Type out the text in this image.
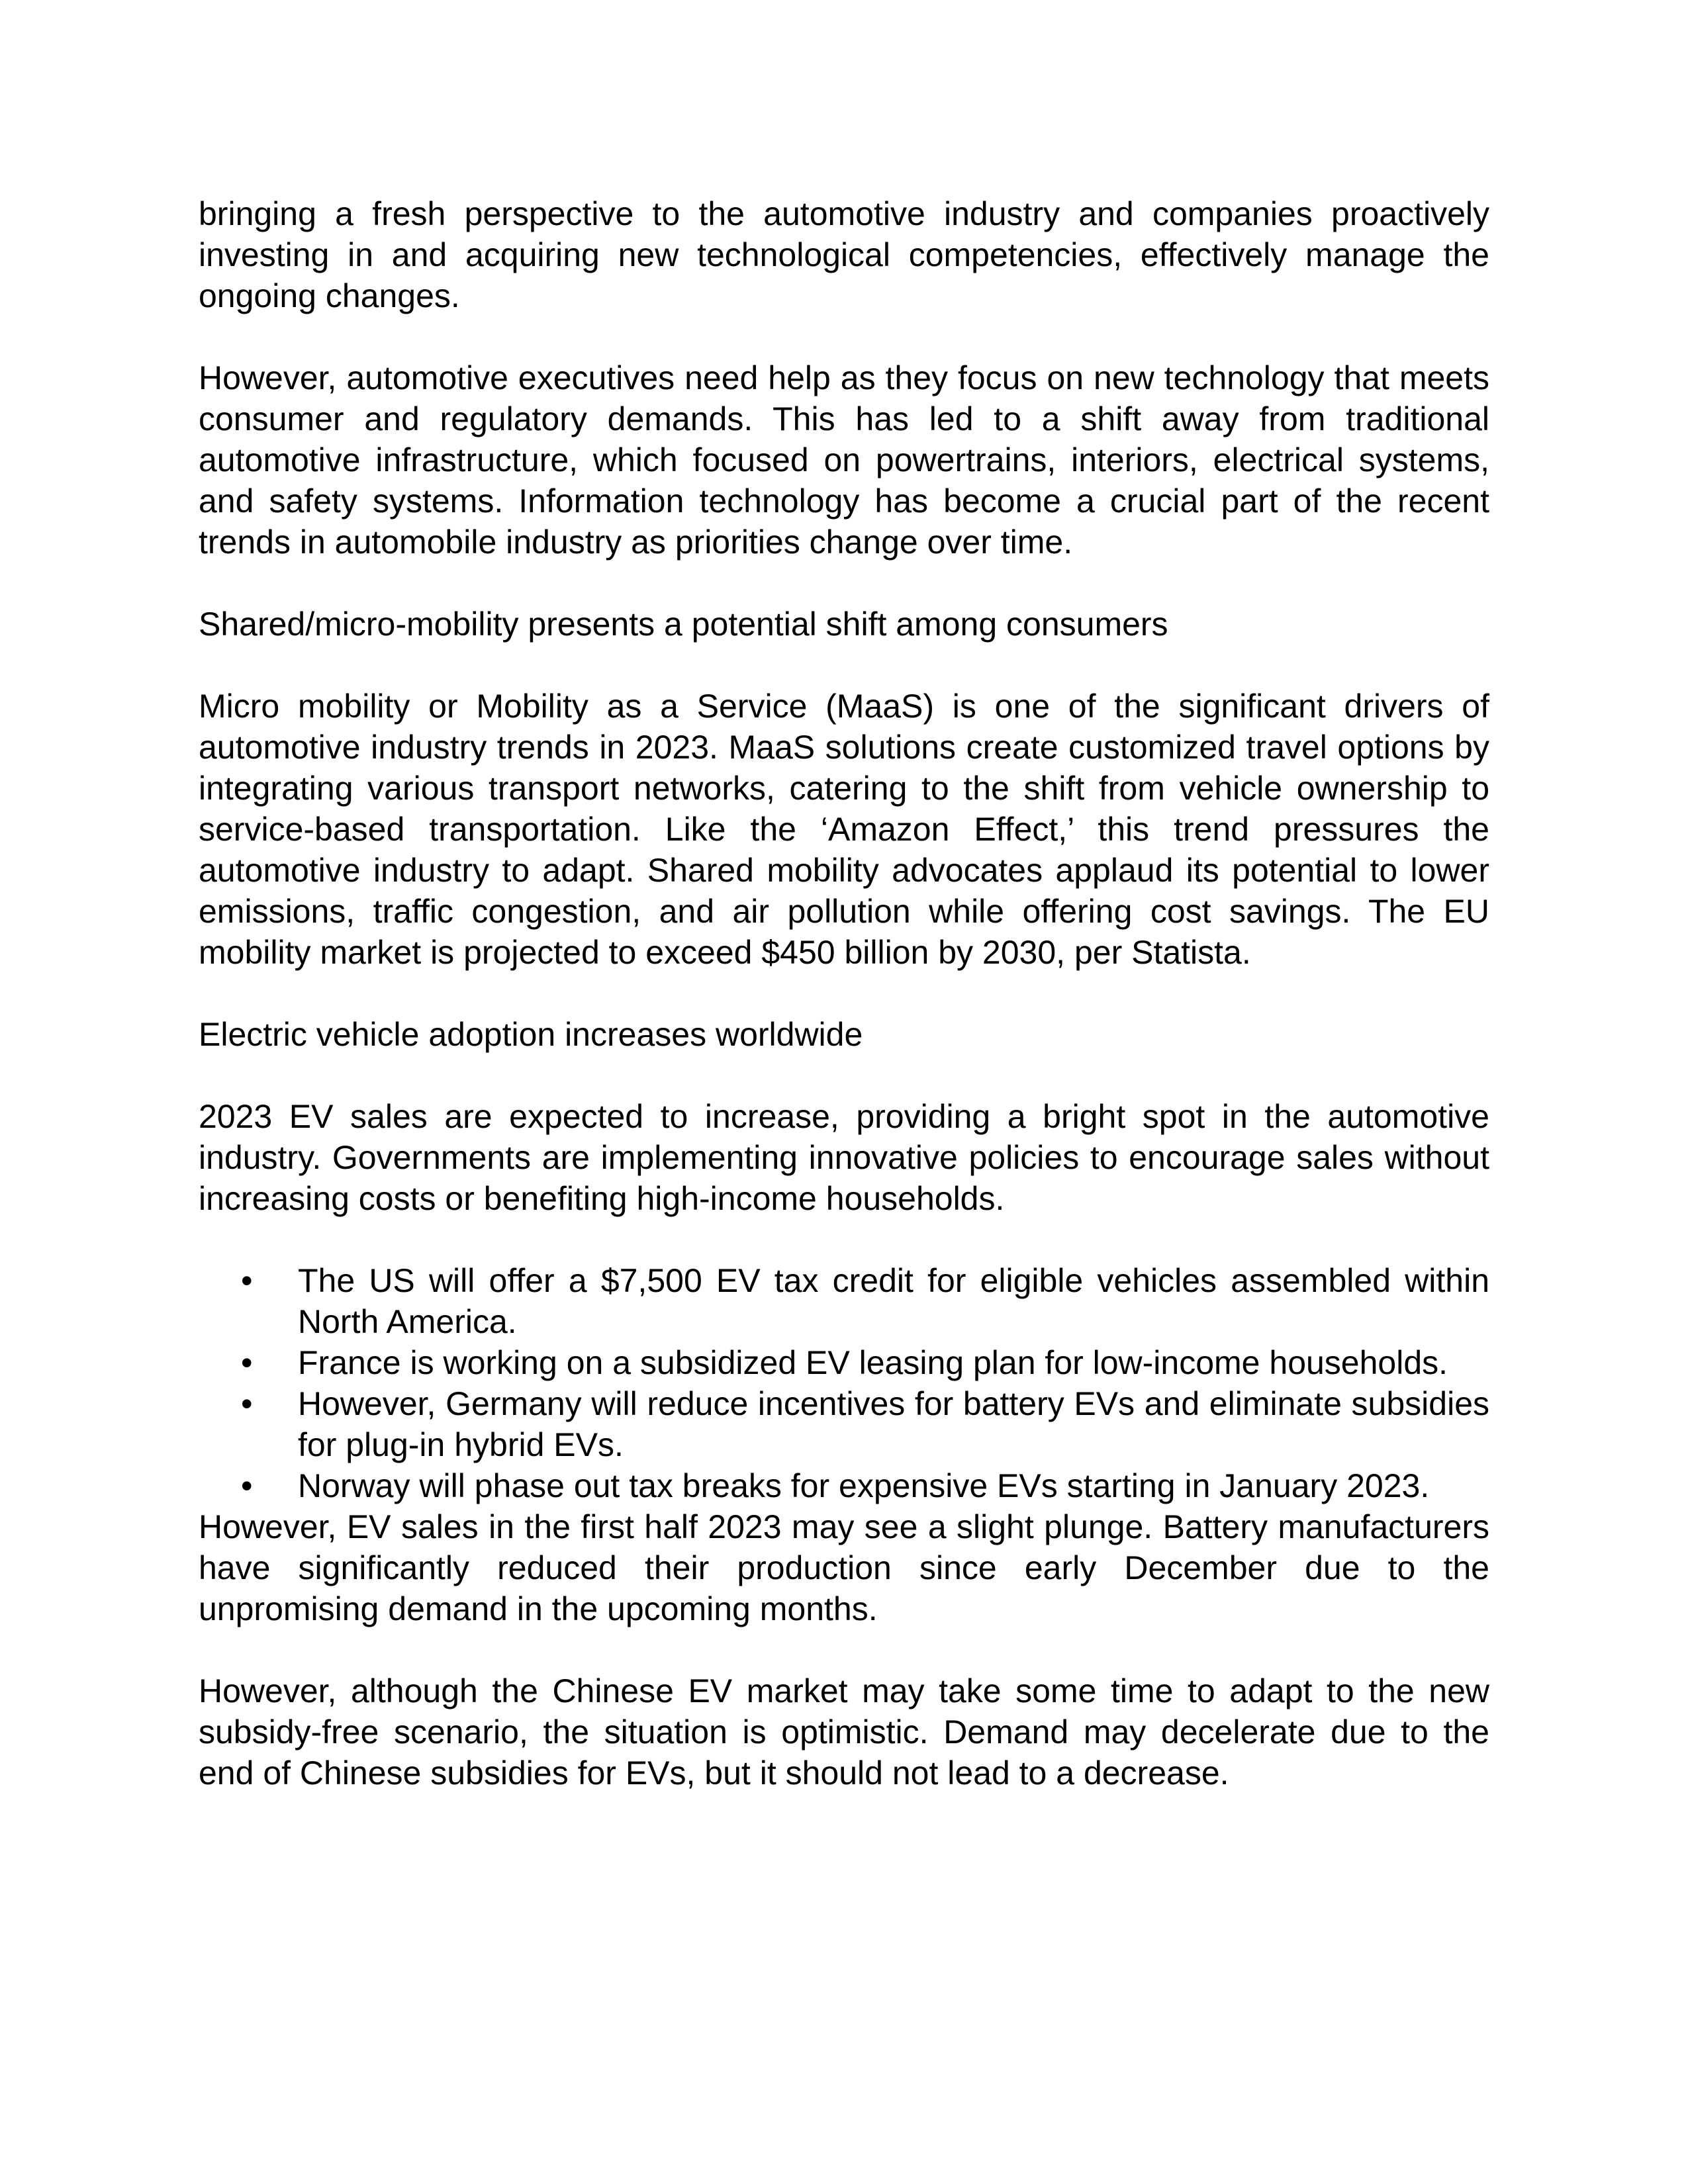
bringing a fresh perspective to the automotive industry and companies proactively investing in and acquiring new technological competencies, effectively manage the ongoing changes.

However, automotive executives need help as they focus on new technology that meets consumer and regulatory demands. This has led to a shift away from traditional automotive infrastructure, which focused on powertrains, interiors, electrical systems, and safety systems. Information technology has become a crucial part of the recent trends in automobile industry as priorities change over time.

Shared/micro-mobility presents a potential shift among consumers

Micro mobility or Mobility as a Service (MaaS) is one of the significant drivers of automotive industry trends in 2023. MaaS solutions create customized travel options by integrating various transport networks, catering to the shift from vehicle ownership to service-based transportation. Like the ‘Amazon Effect,’ this trend pressures the automotive industry to adapt. Shared mobility advocates applaud its potential to lower emissions, traffic congestion, and air pollution while offering cost savings. The EU mobility market is projected to exceed $450 billion by 2030, per Statista.

Electric vehicle adoption increases worldwide

2023 EV sales are expected to increase, providing a bright spot in the automotive industry. Governments are implementing innovative policies to encourage sales without increasing costs or benefiting high-income households.

• The US will offer a $7,500 EV tax credit for eligible vehicles assembled within North America.
• France is working on a subsidized EV leasing plan for low-income households.
• However, Germany will reduce incentives for battery EVs and eliminate subsidies for plug-in hybrid EVs.
• Norway will phase out tax breaks for expensive EVs starting in January 2023.

However, EV sales in the first half 2023 may see a slight plunge. Battery manufacturers have significantly reduced their production since early December due to the unpromising demand in the upcoming months.

However, although the Chinese EV market may take some time to adapt to the new subsidy-free scenario, the situation is optimistic. Demand may decelerate due to the end of Chinese subsidies for EVs, but it should not lead to a decrease.
